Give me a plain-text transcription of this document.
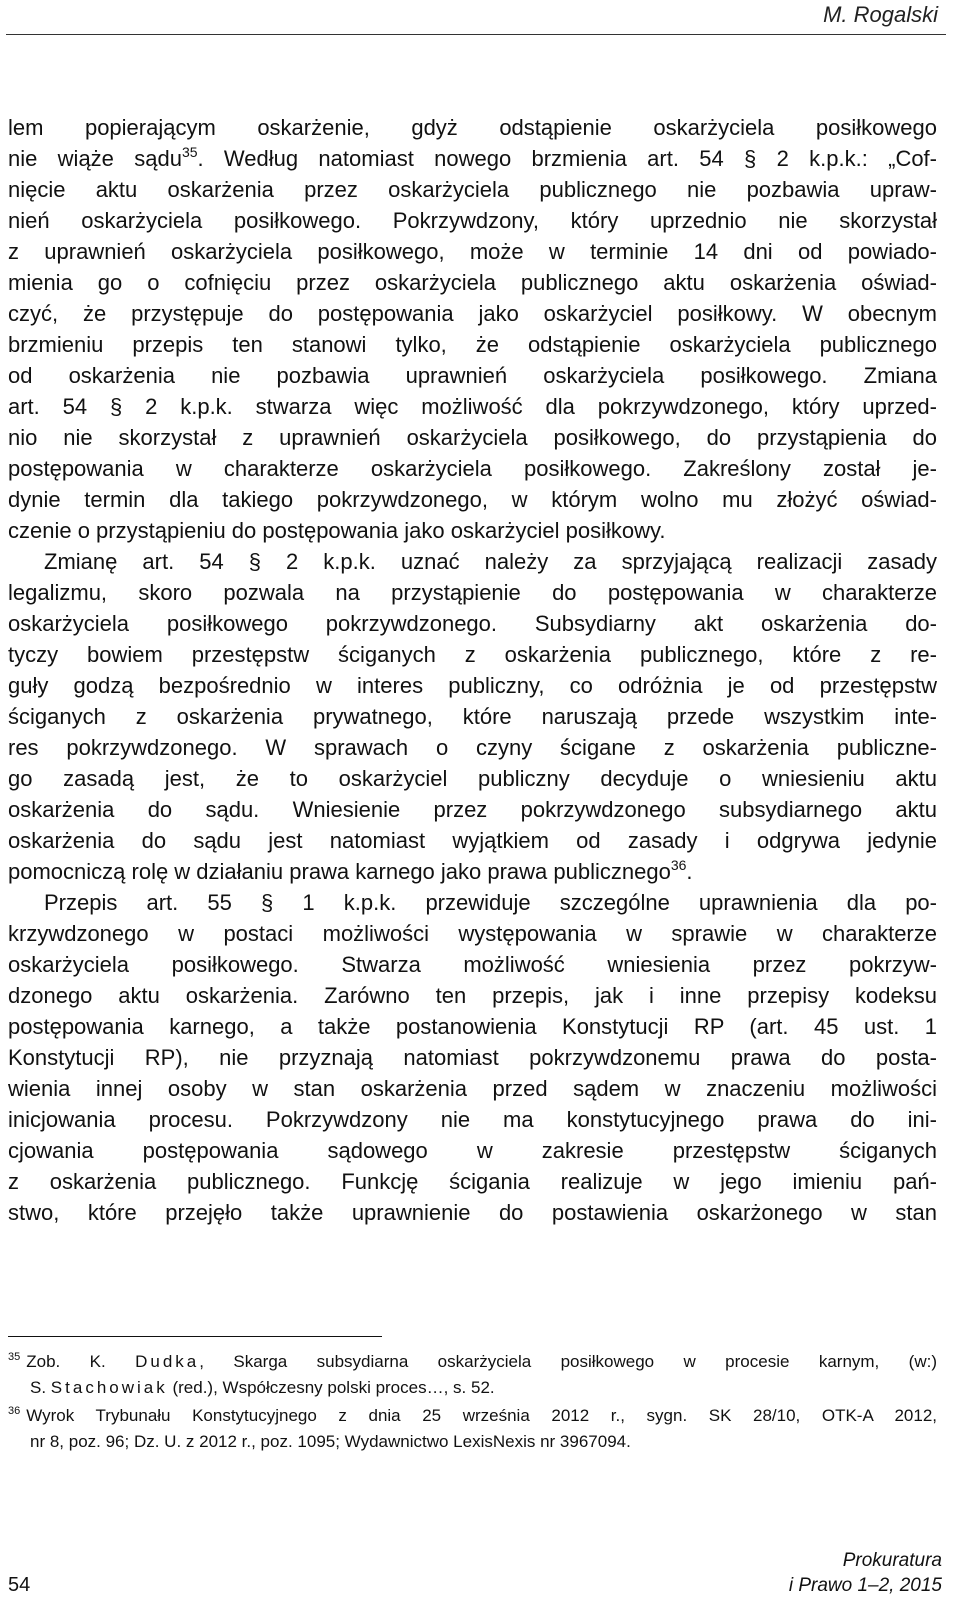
M. Rogalski
lem popierającym oskarżenie, gdyż odstąpienie oskarżyciela posiłkowego
nie wiąże sądu$^{35}$. Według natomiast nowego brzmienia art. 54 § 2 k.p.k.: „Cof-
nięcie aktu oskarżenia przez oskarżyciela publicznego nie pozbawia upraw-
nień oskarżyciela posiłkowego. Pokrzywdzony, który uprzednio nie skorzystał
z uprawnień oskarżyciela posiłkowego, może w terminie 14 dni od powiado-
mienia go o cofnięciu przez oskarżyciela publicznego aktu oskarżenia oświad-
czyć, że przystępuje do postępowania jako oskarżyciel posiłkowy. W obecnym
brzmieniu przepis ten stanowi tylko, że odstąpienie oskarżyciela publicznego
od oskarżenia nie pozbawia uprawnień oskarżyciela posiłkowego. Zmiana
art. 54 § 2 k.p.k. stwarza więc możliwość dla pokrzywdzonego, który uprzed-
nio nie skorzystał z uprawnień oskarżyciela posiłkowego, do przystąpienia do
postępowania w charakterze oskarżyciela posiłkowego. Zakreślony został je-
dynie termin dla takiego pokrzywdzonego, w którym wolno mu złożyć oświad-
czenie o przystąpieniu do postępowania jako oskarżyciel posiłkowy.
Zmianę art. 54 § 2 k.p.k. uznać należy za sprzyjającą realizacji zasady
legalizmu, skoro pozwala na przystąpienie do postępowania w charakterze
oskarżyciela posiłkowego pokrzywdzonego. Subsydiarny akt oskarżenia do-
tyczy bowiem przestępstw ściganych z oskarżenia publicznego, które z re-
guły godzą bezpośrednio w interes publiczny, co odróżnia je od przestępstw
ściganych z oskarżenia prywatnego, które naruszają przede wszystkim inte-
res pokrzywdzonego. W sprawach o czyny ścigane z oskarżenia publiczne-
go zasadą jest, że to oskarżyciel publiczny decyduje o wniesieniu aktu
oskarżenia do sądu. Wniesienie przez pokrzywdzonego subsydiarnego aktu
oskarżenia do sądu jest natomiast wyjątkiem od zasady i odgrywa jedynie
pomocniczą rolę w działaniu prawa karnego jako prawa publicznego$^{36}$.
Przepis art. 55 § 1 k.p.k. przewiduje szczególne uprawnienia dla po-
krzywdzonego w postaci możliwości występowania w sprawie w charakterze
oskarżyciela posiłkowego. Stwarza możliwość wniesienia przez pokrzyw-
dzonego aktu oskarżenia. Zarówno ten przepis, jak i inne przepisy kodeksu
postępowania karnego, a także postanowienia Konstytucji RP (art. 45 ust. 1
Konstytucji RP), nie przyznają natomiast pokrzywdzonemu prawa do posta-
wienia innej osoby w stan oskarżenia przed sądem w znaczeniu możliwości
inicjowania procesu. Pokrzywdzony nie ma konstytucyjnego prawa do ini-
cjowania postępowania sądowego w zakresie przestępstw ściganych
z oskarżenia publicznego. Funkcję ścigania realizuje w jego imieniu pań-
stwo, które przejęło także uprawnienie do postawienia oskarżonego w stan
$^{35}$ Zob. K. Dudka, Skarga subsydiarna oskarżyciela posiłkowego w procesie karnym, (w:)
S. Stachowiak (red.), Współczesny polski proces…, s. 52.
$^{36}$ Wyrok Trybunału Konstytucyjnego z dnia 25 września 2012 r., sygn. SK 28/10, OTK-A 2012,
nr 8, poz. 96; Dz. U. z 2012 r., poz. 1095; Wydawnictwo LexisNexis nr 3967094.
54
Prokuratura
i Prawo 1–2, 2015
